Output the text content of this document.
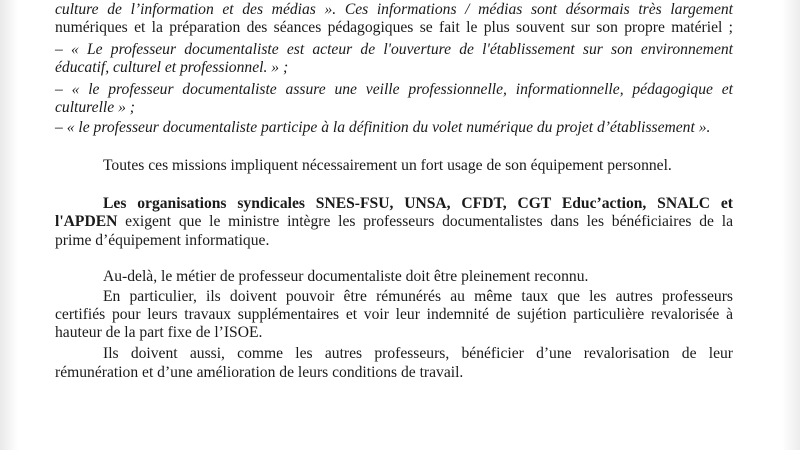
culture de l’information et des médias ». Ces informations / médias sont désormais très largement
numériques et la préparation des séances pédagogiques se fait le plus souvent sur son propre matériel ;
– « Le professeur documentaliste est acteur de l'ouverture de l'établissement sur son environnement
éducatif, culturel et professionnel. » ;
– « le professeur documentaliste assure une veille professionnelle, informationnelle, pédagogique et
culturelle » ;
– « le professeur documentaliste participe à la définition du volet numérique du projet d’établissement ».
Toutes ces missions impliquent nécessairement un fort usage de son équipement personnel.
Les organisations syndicales SNES-FSU, UNSA, CFDT, CGT Educ’action, SNALC et
l'APDEN exigent que le ministre intègre les professeurs documentalistes dans les bénéficiaires de la
prime d’équipement informatique.
Au-delà, le métier de professeur documentaliste doit être pleinement reconnu.
En particulier, ils doivent pouvoir être rémunérés au même taux que les autres professeurs
certifiés pour leurs travaux supplémentaires et voir leur indemnité de sujétion particulière revalorisée à
hauteur de la part fixe de l’ISOE.
Ils doivent aussi, comme les autres professeurs, bénéficier d’une revalorisation de leur
rémunération et d’une amélioration de leurs conditions de travail.
